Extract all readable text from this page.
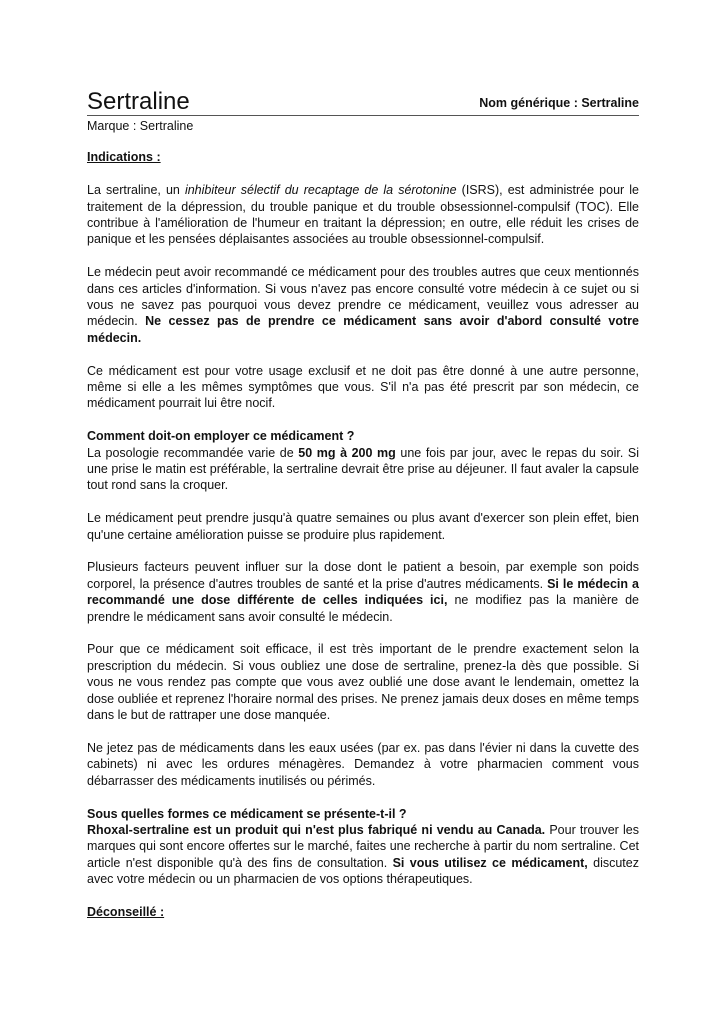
Sertraline	Nom générique : Sertraline
Marque : Sertraline

Indications :

La sertraline, un inhibiteur sélectif du recaptage de la sérotonine (ISRS), est administrée pour le traitement de la dépression, du trouble panique et du trouble obsessionnel-compulsif (TOC). Elle contribue à l'amélioration de l'humeur en traitant la dépression; en outre, elle réduit les crises de panique et les pensées déplaisantes associées au trouble obsessionnel-compulsif.

Le médecin peut avoir recommandé ce médicament pour des troubles autres que ceux mentionnés dans ces articles d'information. Si vous n'avez pas encore consulté votre médecin à ce sujet ou si vous ne savez pas pourquoi vous devez prendre ce médicament, veuillez vous adresser au médecin. Ne cessez pas de prendre ce médicament sans avoir d'abord consulté votre médecin.

Ce médicament est pour votre usage exclusif et ne doit pas être donné à une autre personne, même si elle a les mêmes symptômes que vous. S'il n'a pas été prescrit par son médecin, ce médicament pourrait lui être nocif.

Comment doit-on employer ce médicament ?

La posologie recommandée varie de 50 mg à 200 mg une fois par jour, avec le repas du soir. Si une prise le matin est préférable, la sertraline devrait être prise au déjeuner. Il faut avaler la capsule tout rond sans la croquer.

Le médicament peut prendre jusqu'à quatre semaines ou plus avant d'exercer son plein effet, bien qu'une certaine amélioration puisse se produire plus rapidement.

Plusieurs facteurs peuvent influer sur la dose dont le patient a besoin, par exemple son poids corporel, la présence d'autres troubles de santé et la prise d'autres médicaments. Si le médecin a recommandé une dose différente de celles indiquées ici, ne modifiez pas la manière de prendre le médicament sans avoir consulté le médecin.

Pour que ce médicament soit efficace, il est très important de le prendre exactement selon la prescription du médecin. Si vous oubliez une dose de sertraline, prenez-la dès que possible. Si vous ne vous rendez pas compte que vous avez oublié une dose avant le lendemain, omettez la dose oubliée et reprenez l'horaire normal des prises. Ne prenez jamais deux doses en même temps dans le but de rattraper une dose manquée.

Ne jetez pas de médicaments dans les eaux usées (par ex. pas dans l'évier ni dans la cuvette des cabinets) ni avec les ordures ménagères. Demandez à votre pharmacien comment vous débarrasser des médicaments inutilisés ou périmés.

Sous quelles formes ce médicament se présente-t-il ?

Rhoxal-sertraline est un produit qui n'est plus fabriqué ni vendu au Canada. Pour trouver les marques qui sont encore offertes sur le marché, faites une recherche à partir du nom sertraline. Cet article n'est disponible qu'à des fins de consultation. Si vous utilisez ce médicament, discutez avec votre médecin ou un pharmacien de vos options thérapeutiques.

Déconseillé :
